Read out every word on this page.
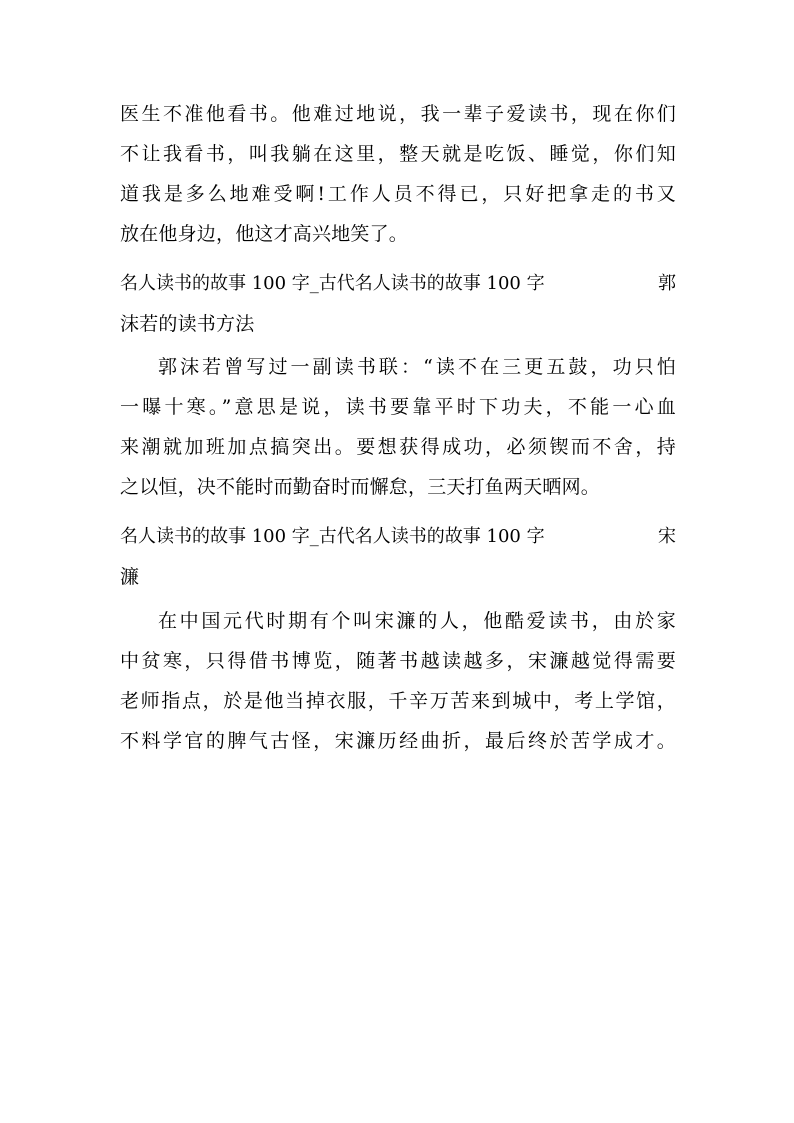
医生不准他看书。他难过地说，我一辈子爱读书，现在你们
不让我看书，叫我躺在这里，整天就是吃饭、睡觉，你们知
道我是多么地难受啊!工作人员不得已，只好把拿走的书又
放在他身边，他这才高兴地笑了。
名人读书的故事 100 字_古代名人读书的故事 100 字	郭
沫若的读书方法
郭沫若曾写过一副读书联：“读不在三更五鼓，功只怕
一曝十寒。”意思是说，读书要靠平时下功夫，不能一心血
来潮就加班加点搞突出。要想获得成功，必须锲而不舍，持
之以恒，决不能时而勤奋时而懈怠，三天打鱼两天晒网。
名人读书的故事 100 字_古代名人读书的故事 100 字	宋
濂
在中国元代时期有个叫宋濂的人，他酷爱读书，由於家
中贫寒，只得借书博览，随著书越读越多，宋濂越觉得需要
老师指点，於是他当掉衣服，千辛万苦来到城中，考上学馆，
不料学官的脾气古怪，宋濂历经曲折，最后终於苦学成才。
